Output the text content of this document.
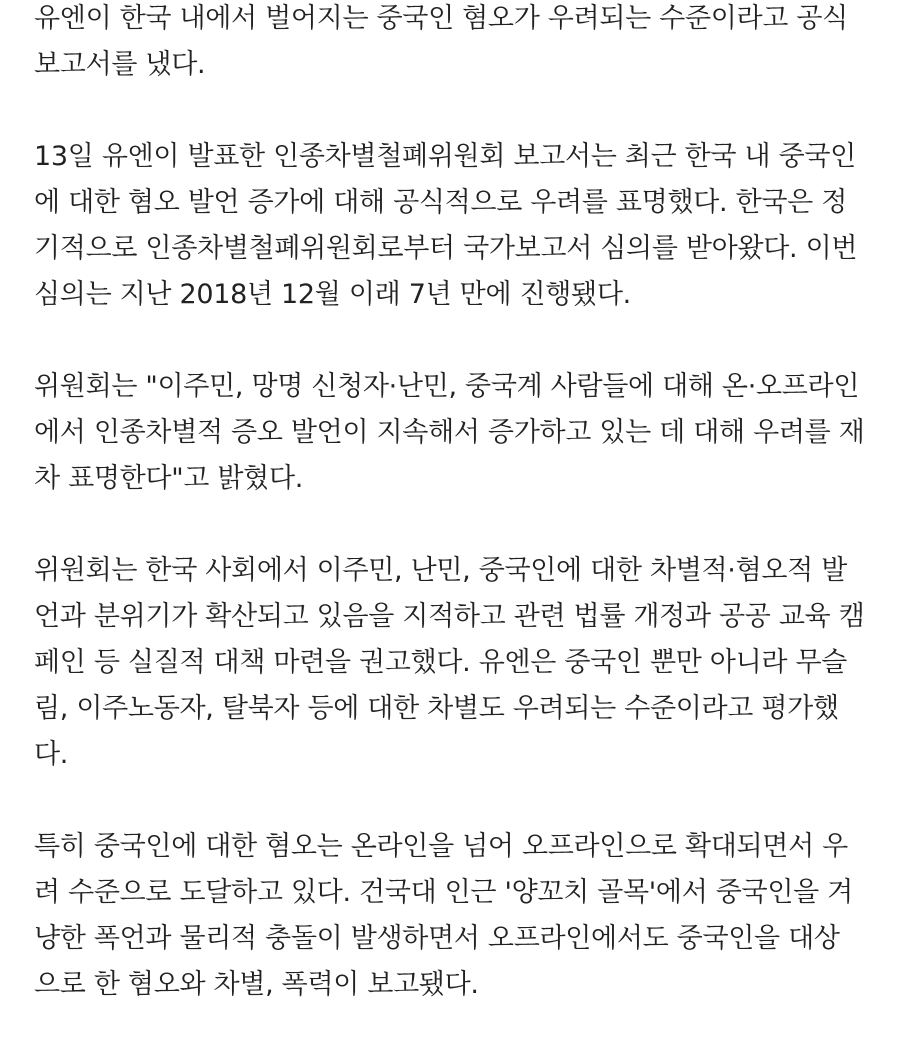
유엔이 한국 내에서 벌어지는 중국인 혐오가 우려되는 수준이라고 공식
보고서를 냈다.

13일 유엔이 발표한 인종차별철폐위원회 보고서는 최근 한국 내 중국인
에 대한 혐오 발언 증가에 대해 공식적으로 우려를 표명했다. 한국은 정
기적으로 인종차별철폐위원회로부터 국가보고서 심의를 받아왔다. 이번
심의는 지난 2018년 12월 이래 7년 만에 진행됐다.

위원회는 "이주민, 망명 신청자·난민, 중국계 사람들에 대해 온·오프라인
에서 인종차별적 증오 발언이 지속해서 증가하고 있는 데 대해 우려를 재
차 표명한다"고 밝혔다.

위원회는 한국 사회에서 이주민, 난민, 중국인에 대한 차별적·혐오적 발
언과 분위기가 확산되고 있음을 지적하고 관련 법률 개정과 공공 교육 캠
페인 등 실질적 대책 마련을 권고했다. 유엔은 중국인 뿐만 아니라 무슬
림, 이주노동자, 탈북자 등에 대한 차별도 우려되는 수준이라고 평가했
다.

특히 중국인에 대한 혐오는 온라인을 넘어 오프라인으로 확대되면서 우
려 수준으로 도달하고 있다. 건국대 인근 '양꼬치 골목'에서 중국인을 겨
냥한 폭언과 물리적 충돌이 발생하면서 오프라인에서도 중국인을 대상
으로 한 혐오와 차별, 폭력이 보고됐다.
